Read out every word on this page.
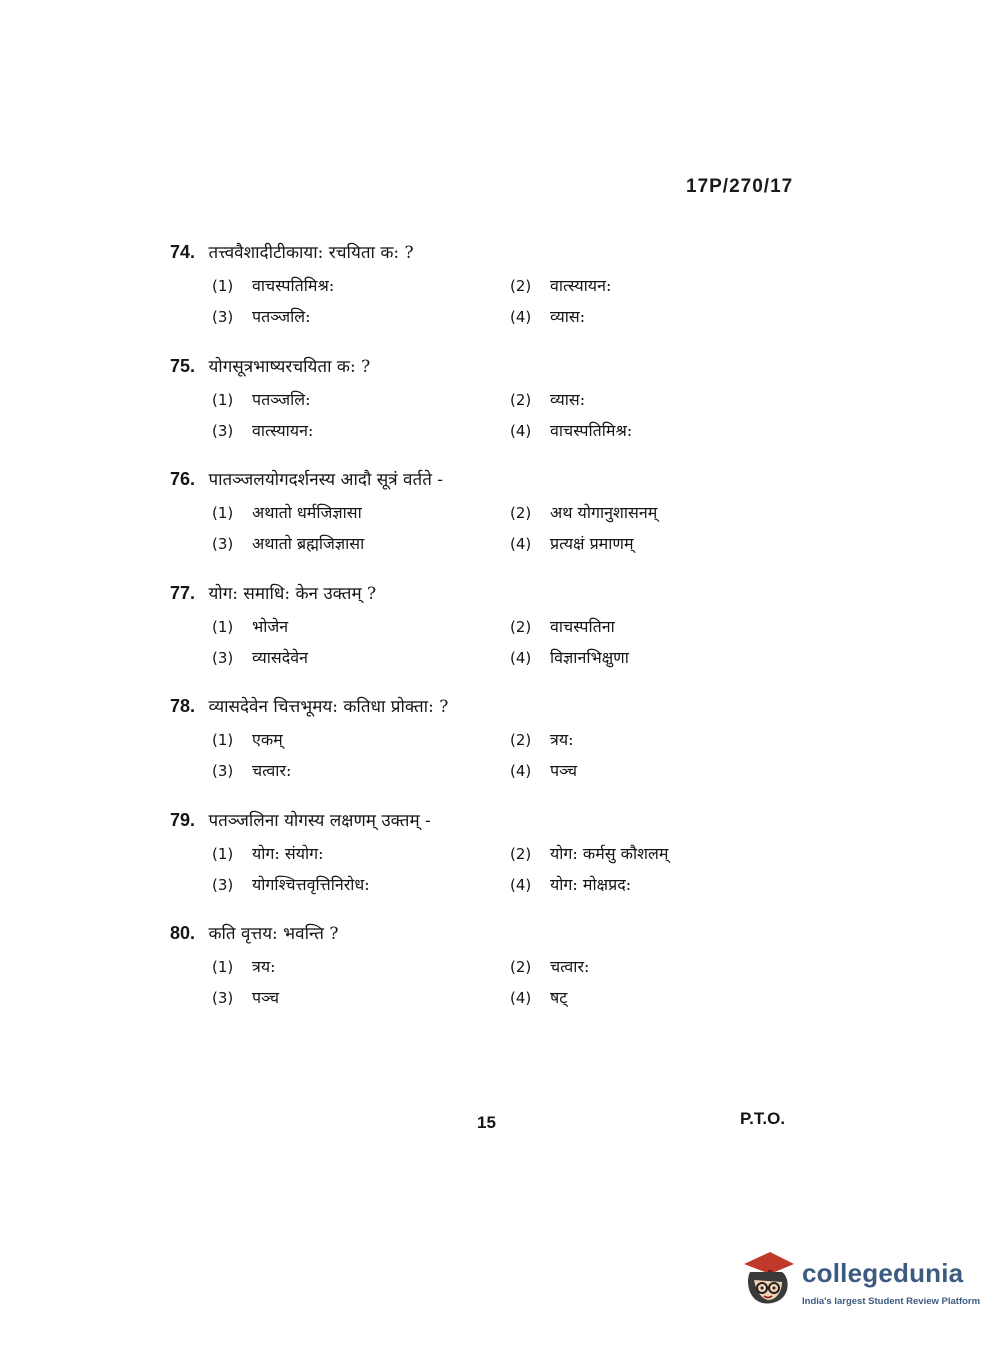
17P/270/17
74. तत्त्ववैशादीटीकाया: रचयिता क: ?
(1) वाचस्पतिमिश्र:	(2) वात्स्यायन:
(3) पतञ्जलि:	(4) व्यास:
75. योगसूत्रभाष्यरचयिता क: ?
(1) पतञ्जलि:	(2) व्यास:
(3) वात्स्यायन:	(4) वाचस्पतिमिश्र:
76. पातञ्जलयोगदर्शनस्य आदौ सूत्रं वर्तते -
(1) अथातो धर्मजिज्ञासा	(2) अथ योगानुशासनम्
(3) अथातो ब्रह्मजिज्ञासा	(4) प्रत्यक्षं प्रमाणम्
77. योग: समाधि: केन उक्तम् ?
(1) भोजेन	(2) वाचस्पतिना
(3) व्यासदेवेन	(4) विज्ञानभिक्षुणा
78. व्यासदेवेन चित्तभूमय: कतिधा प्रोक्ता: ?
(1) एकम्	(2) त्रय:
(3) चत्वार:	(4) पञ्च
79. पतञ्जलिना योगस्य लक्षणम् उक्तम् -
(1) योग: संयोग:	(2) योग: कर्मसु कौशलम्
(3) योगश्चित्तवृत्तिनिरोध:	(4) योग: मोक्षप्रद:
80. कति वृत्तय: भवन्ति ?
(1) त्रय:	(2) चत्वार:
(3) पञ्च	(4) षट्
15	P.T.O.
collegedunia
India's largest Student Review Platform
